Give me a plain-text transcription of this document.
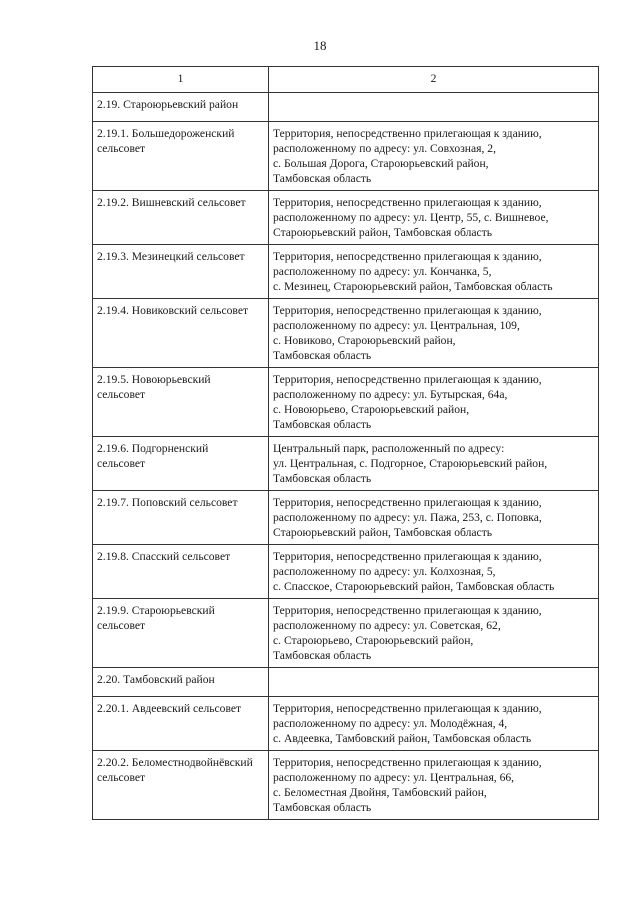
18
1	2
2.19. Староюрьевский район	

2.19.1. Большедороженский
сельсовет	Территория, непосредственно прилегающая к зданию,
расположенному по адресу: ул. Совхозная, 2,
с. Большая Дорога, Староюрьевский район,
Тамбовская область

2.19.2. Вишневский сельсовет	Территория, непосредственно прилегающая к зданию,
расположенному по адресу: ул. Центр, 55, с. Вишневое,
Староюрьевский район, Тамбовская область

2.19.3. Мезинецкий сельсовет	Территория, непосредственно прилегающая к зданию,
расположенному по адресу: ул. Кончанка, 5,
с. Мезинец, Староюрьевский район, Тамбовская область

2.19.4. Новиковский сельсовет	Территория, непосредственно прилегающая к зданию,
расположенному по адресу: ул. Центральная, 109,
с. Новиково, Староюрьевский район,
Тамбовская область

2.19.5. Новоюрьевский
сельсовет	Территория, непосредственно прилегающая к зданию,
расположенному по адресу: ул. Бутырская, 64а,
с. Новоюрьево, Староюрьевский район,
Тамбовская область

2.19.6. Подгорненский
сельсовет	Центральный парк, расположенный по адресу:
ул. Центральная, с. Подгорное, Староюрьевский район,
Тамбовская область

2.19.7. Поповский сельсовет	Территория, непосредственно прилегающая к зданию,
расположенному по адресу: ул. Пажа, 253, с. Поповка,
Староюрьевский район, Тамбовская область

2.19.8. Спасский сельсовет	Территория, непосредственно прилегающая к зданию,
расположенному по адресу: ул. Колхозная, 5,
с. Спасское, Староюрьевский район, Тамбовская область

2.19.9. Староюрьевский
сельсовет	Территория, непосредственно прилегающая к зданию,
расположенному по адресу: ул. Советская, 62,
с. Староюрьево, Староюрьевский район,
Тамбовская область

2.20. Тамбовский район	

2.20.1. Авдеевский сельсовет	Территория, непосредственно прилегающая к зданию,
расположенному по адресу: ул. Молодёжная, 4,
с. Авдеевка, Тамбовский район, Тамбовская область

2.20.2. Беломестнодвойнёвский
сельсовет	Территория, непосредственно прилегающая к зданию,
расположенному по адресу: ул. Центральная, 66,
с. Беломестная Двойня, Тамбовский район,
Тамбовская область
